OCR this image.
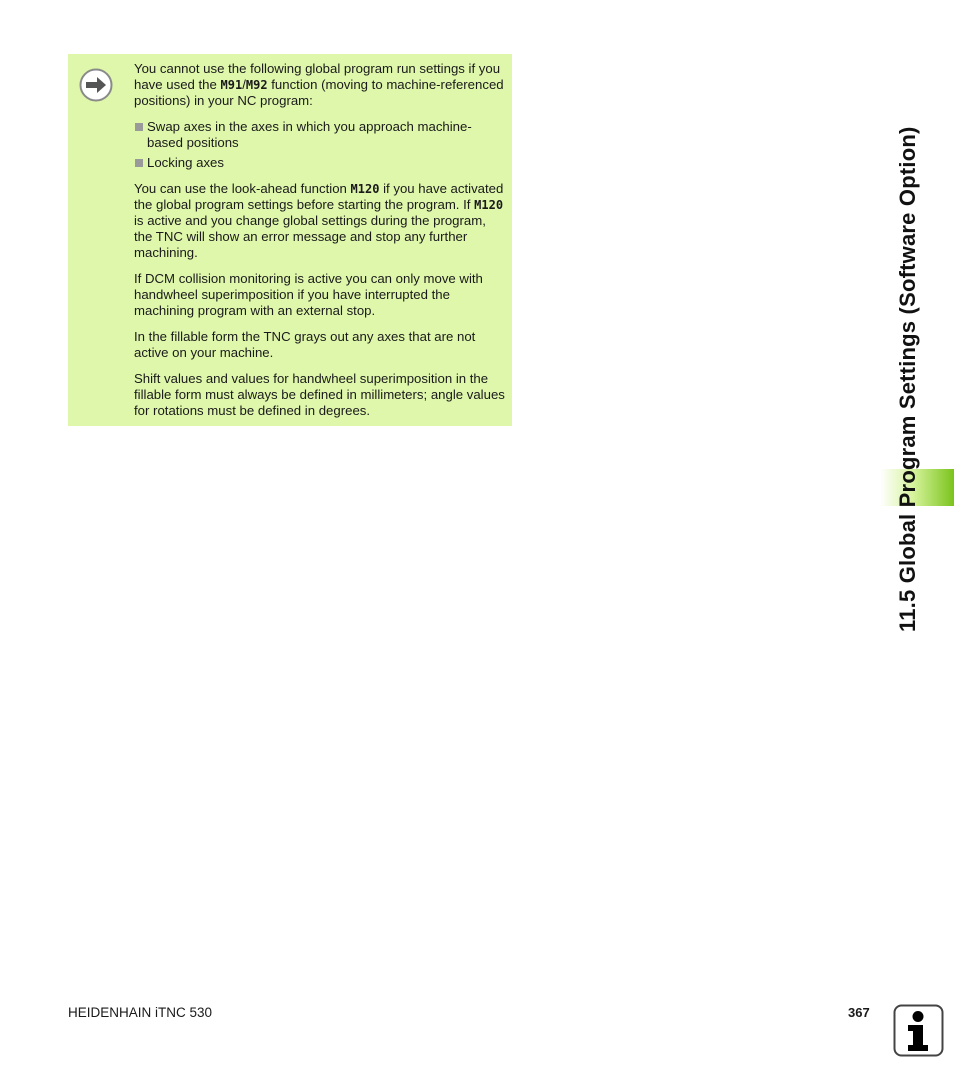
You cannot use the following global program run settings if you have used the M91/M92 function (moving to machine-referenced positions) in your NC program:

Swap axes in the axes in which you approach machine-based positions
Locking axes

You can use the look-ahead function M120 if you have activated the global program settings before starting the program. If M120 is active and you change global settings during the program, the TNC will show an error message and stop any further machining.

If DCM collision monitoring is active you can only move with handwheel superimposition if you have interrupted the machining program with an external stop.

In the fillable form the TNC grays out any axes that are not active on your machine.

Shift values and values for handwheel superimposition in the fillable form must always be defined in millimeters; angle values for rotations must be defined in degrees.	11.5 Global Program Settings (Software Option)
HEIDENHAIN iTNC 530	367
